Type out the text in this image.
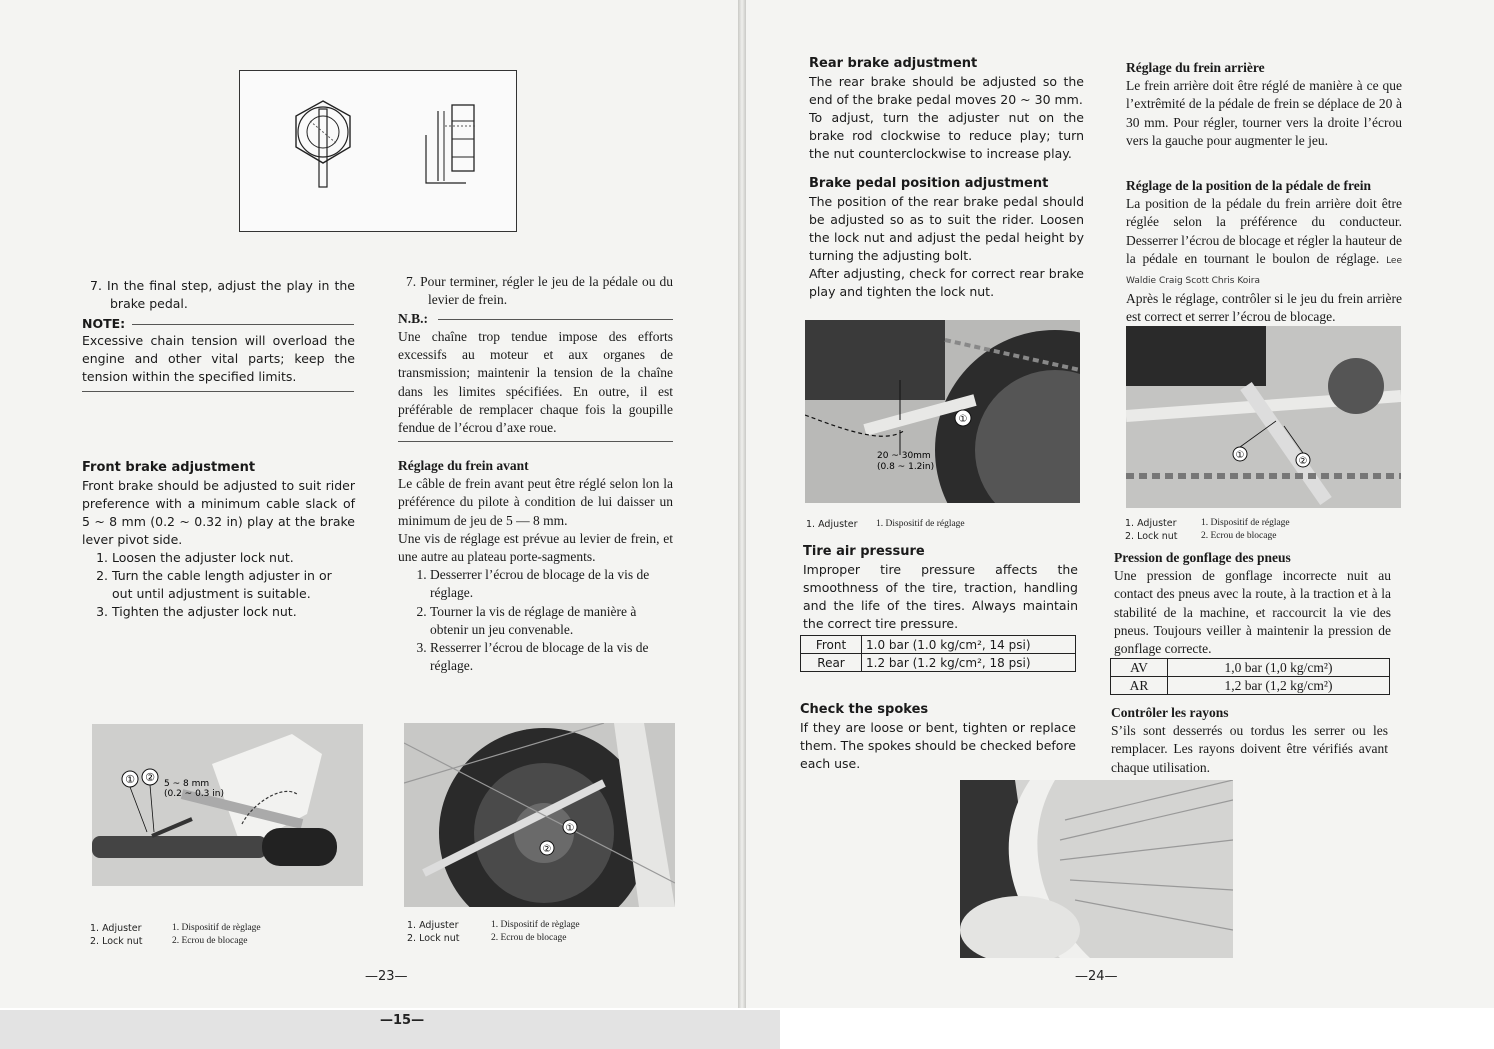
7. In the final step, adjust the play in the brake pedal.
NOTE:
Excessive chain tension will overload the engine and other vital parts; keep the tension within the specified limits.
7. Pour terminer, régler le jeu de la pédale ou du levier de frein.
N.B.:
Une chaîne trop tendue impose des efforts excessifs au moteur et aux organes de transmission; maintenir la tension de la chaîne dans les limites spécifiées. En outre, il est préférable de remplacer chaque fois la goupille fendue de l’écrou d’axe roue.
Front brake adjustment
Front brake should be adjusted to suit rider preference with a minimum cable slack of 5 ~ 8 mm (0.2 ~ 0.32 in) play at the brake lever pivot side.
1. Loosen the adjuster lock nut.
2. Turn the cable length adjuster in or out until adjustment is suitable.
3. Tighten the adjuster lock nut.
Réglage du frein avant
Le câble de frein avant peut être réglé selon lon la préférence du pilote à condition de lui daisser un minimum de jeu de 5 — 8 mm.
Une vis de réglage est prévue au levier de frein, et une autre au plateau porte-sagments.
1. Desserrer l’écrou de blocage de la vis de réglage.
2. Tourner la vis de réglage de manière à obtenir un jeu convenable.
3. Resserrer l’écrou de blocage de la vis de réglage.
① ② 5 ~ 8 mm
(0.2 ~ 0.3 in)
①
②
1. Adjuster
2. Lock nut
1. Dispositif de règlage
2. Ecrou de blocage
1. Adjuster
2. Lock nut
1. Dispositif de règlage
2. Ecrou de blocage
—23—
Rear brake adjustment
The rear brake should be adjusted so the end of the brake pedal moves 20 ~ 30 mm.
To adjust, turn the adjuster nut on the brake rod clockwise to reduce play; turn the nut counterclockwise to increase play.
Brake pedal position adjustment
The position of the rear brake pedal should be adjusted so as to suit the rider. Loosen the lock nut and adjust the pedal height by turning the adjusting bolt.
After adjusting, check for correct rear brake play and tighten the lock nut.
Réglage du frein arrière
Le frein arrière doit être réglé de manière à ce que l’extrêmité de la pédale de frein se déplace de 20 à 30 mm. Pour régler, tourner vers la droite l’écrou vers la gauche pour augmenter le jeu.
Réglage de la position de la pédale de frein
La position de la pédale du frein arrière doit être réglée selon la préférence du conducteur. Desserrer l’écrou de blocage et régler la hauteur de la pédale en tournant le boulon de réglage. Lee Waldie Craig Scott Chris Koira
Après le réglage, contrôler si le jeu du frein arrière est correct et serrer l’écrou de blocage.
①
20 ~ 30mm
(0.8 ~ 1.2in)
①
②
1. Adjuster 1. Dispositif de réglage	1. Adjuster
2. Lock nut
1. Dispositif de réglage
2. Ecrou de blocage
Tire air pressure
Improper tire pressure affects the smoothness of the tire, traction, handling and the life of the tires. Always maintain the correct tire pressure.
Front	1.0 bar (1.0 kg/cm², 14 psi)
Rear	1.2 bar (1.2 kg/cm², 18 psi)
Pression de gonflage des pneus
Une pression de gonflage incorrecte nuit au contact des pneus avec la route, à la traction et à la stabilité de la machine, et raccourcit la vie des pneus. Toujours veiller à maintenir la pression de gonflage correcte.
AV	1,0 bar (1,0 kg/cm²)
AR	1,2 bar (1,2 kg/cm²)
Check the spokes
If they are loose or bent, tighten or replace them. The spokes should be checked before each use.
Contrôler les rayons
S’ils sont desserrés ou tordus les serrer ou les remplacer. Les rayons doivent être vérifiés avant chaque utilisation.
—24—
—15—
